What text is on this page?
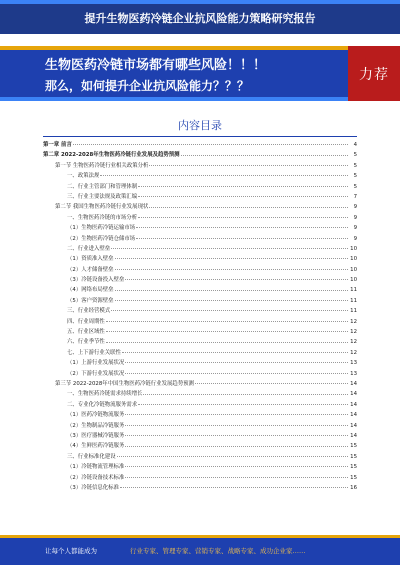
提升生物医药冷链企业抗风险能力策略研究报告
生物医药冷链市场都有哪些风险！！！
那么，如何提升企业抗风险能力？？？
力荐
内容目录
第一章 前言	4
第二章 2022-2028年生物医药冷链行业发展及趋势预测	5
第一节 生物医药冷链行业相关政策分析	5
一、政策法规	5
二、行业主管部门和管理体制	5
三、行业主要法规及政策汇编	7
第二节 我国生物医药冷链行业发展现状	9
一、生物医药冷链的市场分析	9
（1）生物医药冷链运输市场	9
（2）生物医药冷链仓储市场	9
二、行业进入壁垒	10
（1）资质准入壁垒	10
（2）人才储备壁垒	10
（3）冷链设备投入壁垒	10
（4）网络布局壁垒	11
（5）客户资源壁垒	11
三、行业经营模式	11
四、行业周期性	12
五、行业区域性	12
六、行业季节性	12
七、上下游行业关联性	12
（1）上游行业发展状况	13
（2）下游行业发展状况	13
第三节 2022-2028年中国生物医药冷链行业发展趋势预测	14
一、生物医药冷链需求持续增长	14
二、专业化冷链物流服务需求	14
（1）医药冷链物流服务	14
（2）生物制品冷链服务	14
（3）医疗器械冷链服务	14
（4）生鲜医药冷链服务	15
三、行业标准化建设	15
（1）冷链物流管理标准	15
（2）冷链设备技术标准	15
（3）冷链信息化标准	16
让每个人都能成为	行业专家、管理专家、营销专家、战略专家、成功企业家……
